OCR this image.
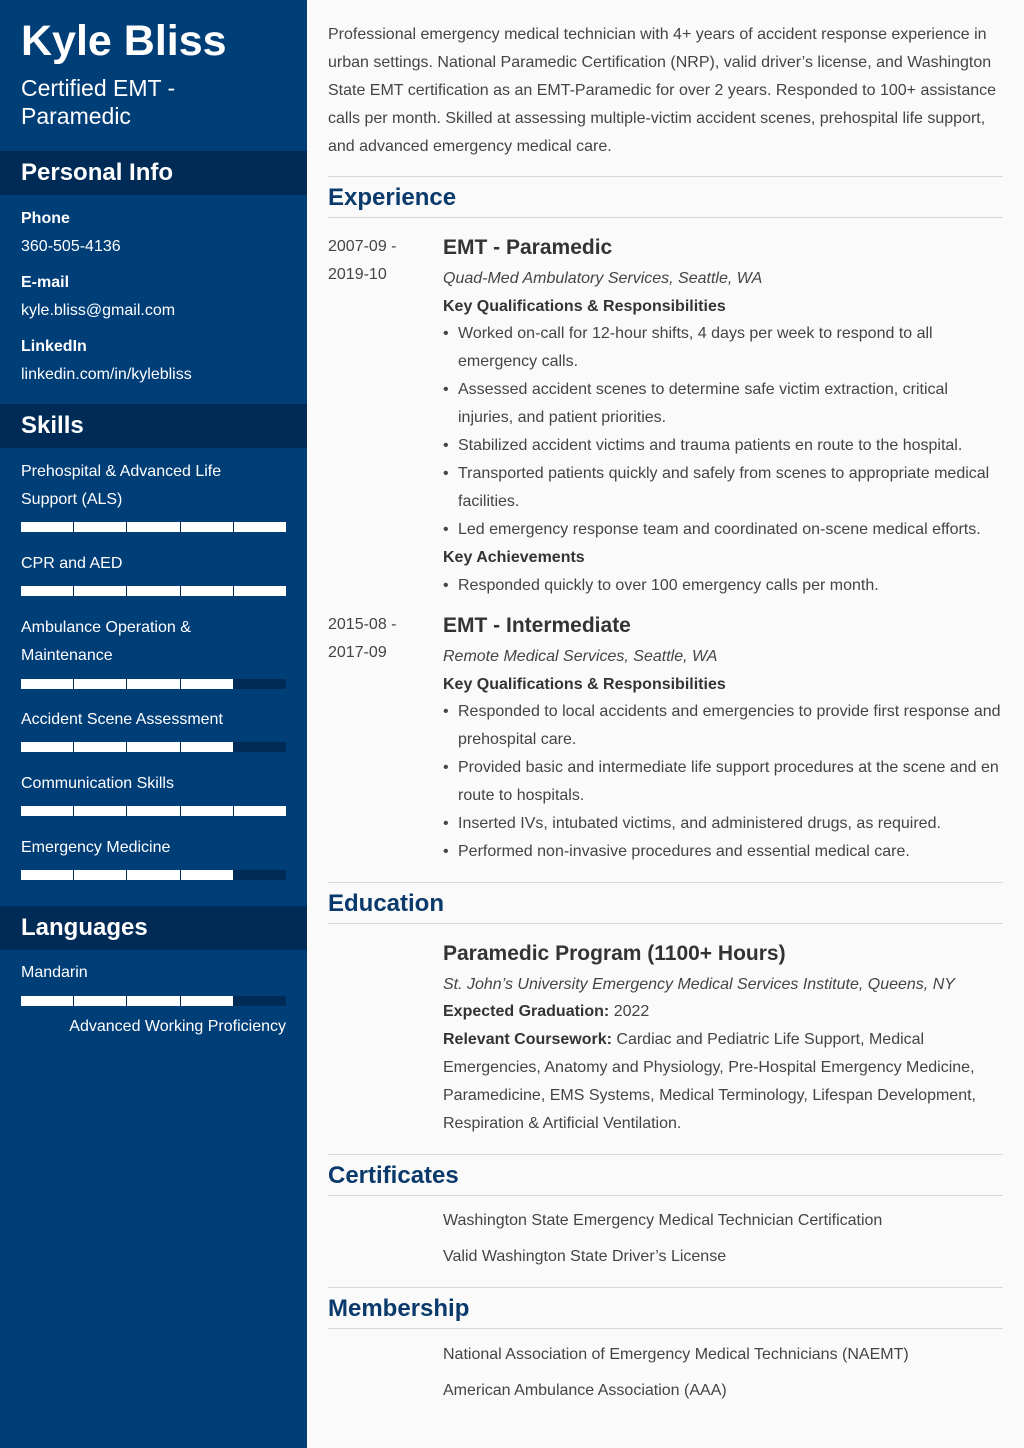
Kyle Bliss

Certified EMT - Paramedic

Personal Info
Phone
360-505-4136
E-mail
kyle.bliss@gmail.com
LinkedIn
linkedin.com/in/kylebliss
Skills
Prehospital & Advanced Life Support (ALS)
CPR and AED
Ambulance Operation & Maintenance
Accident Scene Assessment
Communication Skills
Emergency Medicine
Languages
Mandarin
Advanced Working Proficiency

Professional emergency medical technician with 4+ years of accident response experience in urban settings. National Paramedic Certification (NRP), valid driver’s license, and Washington State EMT certification as an EMT-Paramedic for over 2 years. Responded to 100+ assistance calls per month. Skilled at assessing multiple-victim accident scenes, prehospital life support, and advanced emergency medical care.

Experience
2007-09 -
2019-10
EMT - Paramedic
Quad-Med Ambulatory Services, Seattle, WA
Key Qualifications & Responsibilities
• Worked on-call for 12-hour shifts, 4 days per week to respond to all emergency calls.
• Assessed accident scenes to determine safe victim extraction, critical injuries, and patient priorities.
• Stabilized accident victims and trauma patients en route to the hospital.
• Transported patients quickly and safely from scenes to appropriate medical facilities.
• Led emergency response team and coordinated on-scene medical efforts.
Key Achievements
• Responded quickly to over 100 emergency calls per month.
2015-08 -
2017-09
EMT - Intermediate
Remote Medical Services, Seattle, WA
Key Qualifications & Responsibilities
• Responded to local accidents and emergencies to provide first response and prehospital care.
• Provided basic and intermediate life support procedures at the scene and en route to hospitals.
• Inserted IVs, intubated victims, and administered drugs, as required.
• Performed non-invasive procedures and essential medical care.
Education
Paramedic Program (1100+ Hours)
St. John’s University Emergency Medical Services Institute, Queens, NY
Expected Graduation: 2022
Relevant Coursework: Cardiac and Pediatric Life Support, Medical Emergencies, Anatomy and Physiology, Pre-Hospital Emergency Medicine, Paramedicine, EMS Systems, Medical Terminology, Lifespan Development, Respiration & Artificial Ventilation.
Certificates
Washington State Emergency Medical Technician Certification
Valid Washington State Driver’s License
Membership
National Association of Emergency Medical Technicians (NAEMT)
American Ambulance Association (AAA)
